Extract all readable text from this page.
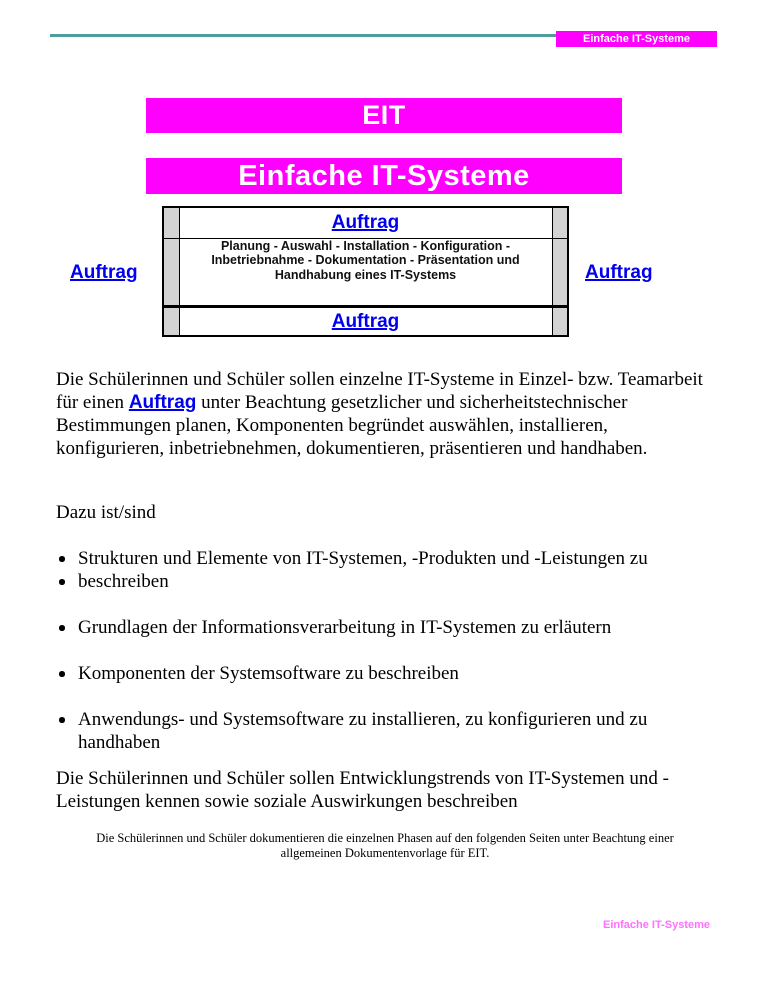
Einfache IT-Systeme
EIT
Einfache IT-Systeme
Auftrag
	Auftrag	

	Planung - Auswahl - Installation - Konfiguration -
Inbetriebnahme - Dokumentation - Präsentation und
Handhabung eines IT-Systems	

	Auftrag	
Auftrag

Die Schülerinnen und Schüler sollen einzelne IT-Systeme in Einzel- bzw. Teamarbeit für einen Auftrag unter Beachtung gesetzlicher und sicherheitstechnischer Bestimmungen planen, Komponenten begründet auswählen, installieren, konfigurieren, inbetriebnehmen, dokumentieren, präsentieren und handhaben.

Dazu ist/sind

Strukturen und Elemente von IT-Systemen, -Produkten und -Leistungen zu
beschreiben
Grundlagen der Informationsverarbeitung in IT-Systemen zu erläutern
Komponenten der Systemsoftware zu beschreiben
Anwendungs- und Systemsoftware zu installieren, zu konfigurieren und zu handhaben

Die Schülerinnen und Schüler sollen Entwicklungstrends von IT-Systemen und -Leistungen kennen sowie soziale Auswirkungen beschreiben

Die Schülerinnen und Schüler dokumentieren die einzelnen Phasen auf den folgenden Seiten unter Beachtung einer allgemeinen Dokumentenvorlage für EIT.

Einfache IT-Systeme
